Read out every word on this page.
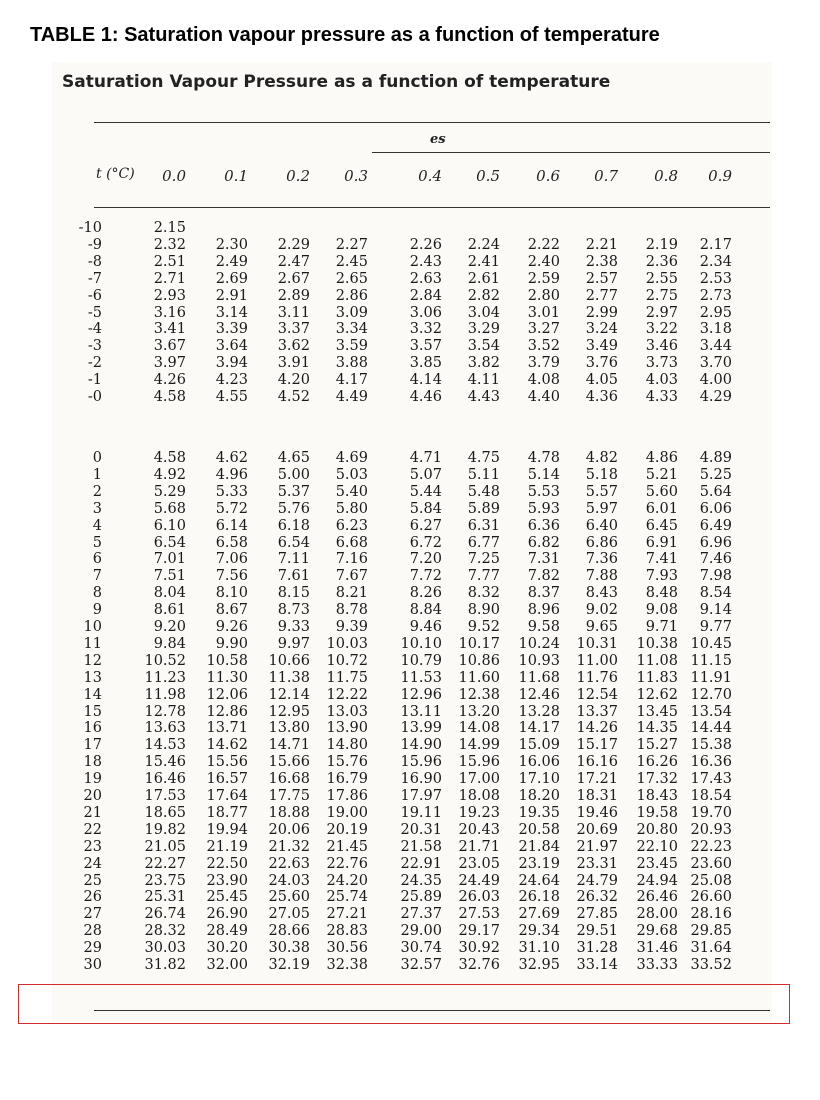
TABLE 1: Saturation vapour pressure as a function of temperature
Saturation Vapour Pressure as a function of temperature
es
t (°C)	0.0	0.1	0.2	0.3	0.4	0.5	0.6	0.7	0.8	0.9
-10	2.15
-9	2.32	2.30	2.29	2.27	2.26	2.24	2.22	2.21	2.19	2.17
-8	2.51	2.49	2.47	2.45	2.43	2.41	2.40	2.38	2.36	2.34
-7	2.71	2.69	2.67	2.65	2.63	2.61	2.59	2.57	2.55	2.53
-6	2.93	2.91	2.89	2.86	2.84	2.82	2.80	2.77	2.75	2.73
-5	3.16	3.14	3.11	3.09	3.06	3.04	3.01	2.99	2.97	2.95
-4	3.41	3.39	3.37	3.34	3.32	3.29	3.27	3.24	3.22	3.18
-3	3.67	3.64	3.62	3.59	3.57	3.54	3.52	3.49	3.46	3.44
-2	3.97	3.94	3.91	3.88	3.85	3.82	3.79	3.76	3.73	3.70
-1	4.26	4.23	4.20	4.17	4.14	4.11	4.08	4.05	4.03	4.00
-0	4.58	4.55	4.52	4.49	4.46	4.43	4.40	4.36	4.33	4.29
0	4.58	4.62	4.65	4.69	4.71	4.75	4.78	4.82	4.86	4.89
1	4.92	4.96	5.00	5.03	5.07	5.11	5.14	5.18	5.21	5.25
2	5.29	5.33	5.37	5.40	5.44	5.48	5.53	5.57	5.60	5.64
3	5.68	5.72	5.76	5.80	5.84	5.89	5.93	5.97	6.01	6.06
4	6.10	6.14	6.18	6.23	6.27	6.31	6.36	6.40	6.45	6.49
5	6.54	6.58	6.54	6.68	6.72	6.77	6.82	6.86	6.91	6.96
6	7.01	7.06	7.11	7.16	7.20	7.25	7.31	7.36	7.41	7.46
7	7.51	7.56	7.61	7.67	7.72	7.77	7.82	7.88	7.93	7.98
8	8.04	8.10	8.15	8.21	8.26	8.32	8.37	8.43	8.48	8.54
9	8.61	8.67	8.73	8.78	8.84	8.90	8.96	9.02	9.08	9.14
10	9.20	9.26	9.33	9.39	9.46	9.52	9.58	9.65	9.71	9.77
11	9.84	9.90	9.97	10.03	10.10	10.17	10.24	10.31	10.38 10.45
12	10.52	10.58	10.66	10.72	10.79	10.86	10.93	11.00	11.08 11.15
13	11.23	11.30	11.38	11.75	11.53	11.60	11.68	11.76	11.83 11.91
14	11.98	12.06	12.14	12.22	12.96	12.38	12.46	12.54	12.62 12.70
15	12.78	12.86	12.95	13.03	13.11	13.20	13.28	13.37	13.45 13.54
16	13.63	13.71	13.80	13.90	13.99	14.08	14.17	14.26	14.35 14.44
17	14.53	14.62	14.71	14.80	14.90	14.99	15.09	15.17	15.27 15.38
18	15.46	15.56	15.66	15.76	15.96	15.96	16.06	16.16	16.26 16.36
19	16.46	16.57	16.68	16.79	16.90	17.00	17.10	17.21	17.32 17.43
20	17.53	17.64	17.75	17.86	17.97	18.08	18.20	18.31	18.43 18.54
21	18.65	18.77	18.88	19.00	19.11	19.23	19.35	19.46	19.58 19.70
22	19.82	19.94	20.06	20.19	20.31	20.43	20.58	20.69	20.80 20.93
23	21.05	21.19	21.32	21.45	21.58	21.71	21.84	21.97	22.10 22.23
24	22.27	22.50	22.63	22.76	22.91	23.05	23.19	23.31	23.45 23.60
25	23.75	23.90	24.03	24.20	24.35	24.49	24.64	24.79	24.94 25.08
26	25.31	25.45	25.60	25.74	25.89	26.03	26.18	26.32	26.46 26.60
27	26.74	26.90	27.05	27.21	27.37	27.53	27.69	27.85	28.00 28.16
28	28.32	28.49	28.66	28.83	29.00	29.17	29.34	29.51	29.68 29.85
29	30.03	30.20	30.38	30.56	30.74	30.92	31.10	31.28	31.46 31.64
30	31.82	32.00	32.19	32.38	32.57	32.76	32.95	33.14	33.33 33.52
